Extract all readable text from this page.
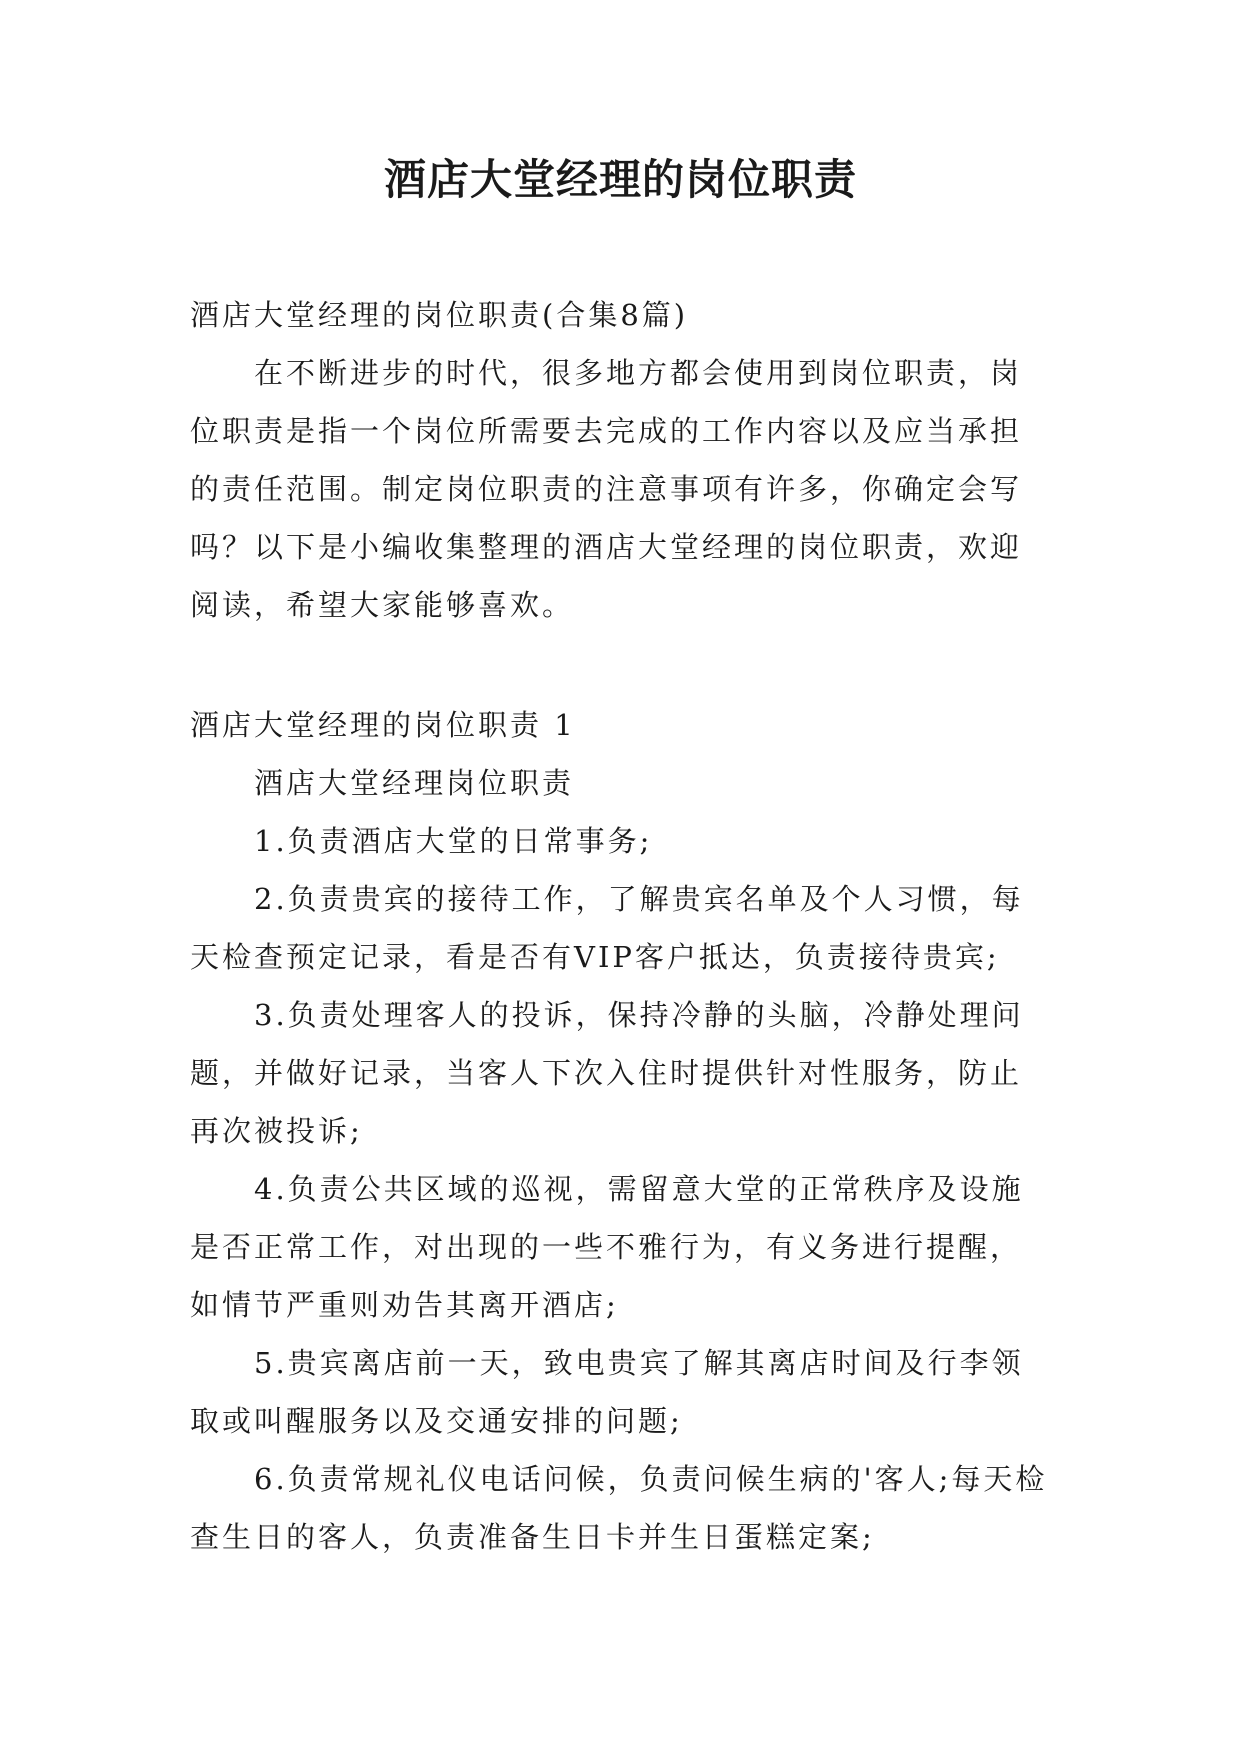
酒店大堂经理的岗位职责

酒店大堂经理的岗位职责(合集8篇)

在不断进步的时代，很多地方都会使用到岗位职责，岗位职责是指一个岗位所需要去完成的工作内容以及应当承担的责任范围。制定岗位职责的注意事项有许多，你确定会写吗？以下是小编收集整理的酒店大堂经理的岗位职责，欢迎阅读，希望大家能够喜欢。

酒店大堂经理的岗位职责 1

酒店大堂经理岗位职责

1.负责酒店大堂的日常事务;

2.负责贵宾的接待工作，了解贵宾名单及个人习惯，每天检查预定记录，看是否有VIP客户抵达，负责接待贵宾;

3.负责处理客人的投诉，保持冷静的头脑，冷静处理问题，并做好记录，当客人下次入住时提供针对性服务，防止再次被投诉;

4.负责公共区域的巡视，需留意大堂的正常秩序及设施是否正常工作，对出现的一些不雅行为，有义务进行提醒，如情节严重则劝告其离开酒店;

5.贵宾离店前一天，致电贵宾了解其离店时间及行李领取或叫醒服务以及交通安排的问题;

6.负责常规礼仪电话问候，负责问候生病的'客人;每天检查生日的客人，负责准备生日卡并生日蛋糕定案;
